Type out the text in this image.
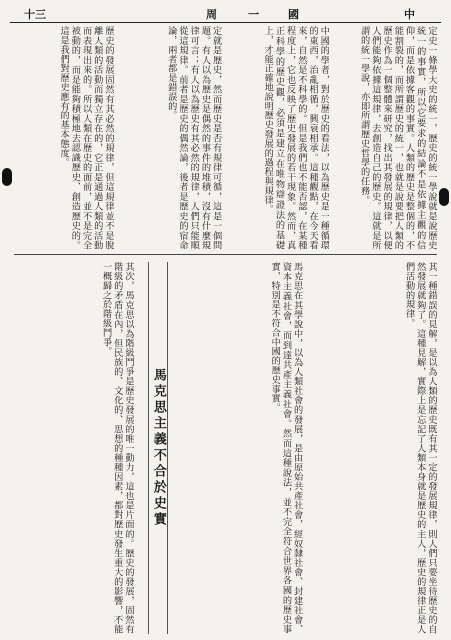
十三	周	一	國	中
定史一條學大史的統一，歷史的統一學說就是說歷史統一的事實，所以它要求的結論不是依據主觀的信仰，而是依據客觀的事實。人類的歷史是整個的，不能割裂的，而所謂歷史的統一，也就是說要把人類的歷史作為一個整體來研究，找出其發展的規律，以便人們能夠依據這規律，去創造自己的歷史。這就是所謂的統一學說，亦即所謂歷史哲學的任務。
中國的學者，對於歷史的看法，以為歷史是一種循環的東西，治亂相循，興衰相承。這種觀點，在今天看來，自然是不科學的。但是我們也不能否認，在某種程度上，它也反映了歷史發展的若干現象。然而，真正科學的歷史觀，必須是建立在唯物辯證法的基礎上，才能正確地說明歷史發展的過程與規律。
定就是歷史，然而歷史是否有規律可循，這是一個問題。有人以為歷史是偶然的事件的堆積，沒有什麼規律可言；有人以為歷史有其必然的規律，人們只能順從這規律。前者是歷史的偶然論，後者是歷史的宿命論，兩者都是錯誤的。
歷史的發展固然有其必然的規律，但這規律並不是脫離人類的活動而獨立存在的，它正是通過人類的活動而表現出來的。所以人類在歷史的面前，並不是完全被動的，而是能夠積極地去認識歷史、創造歷史的。這是我們對歷史應有的基本態度。
其一種錯誤的見解，是以為人類的歷史既有其一定的發展規律，則人們只要坐待歷史的自然發展就夠了。這種見解，實際上是忘記了人類本身就是歷史的主人，歷史的規律正是人們活動的規律。
馬克思在其學說中，以為人類社會的發展，是由原始共產社會，經奴隸社會、封建社會、資本主義社會，而到達共產主義社會。然而這種說法，並不完全符合世界各國的歷史事實，特別是不符合中國的歷史事實。
馬克思主義不合於史實
其次，馬克思以為階級鬥爭是歷史發展的唯一動力，這也是片面的。歷史的發展，固然有階級的矛盾在內，但民族的、文化的、思想的種種因素，都對歷史發生重大的影響，不能一概歸之於階級鬥爭。
